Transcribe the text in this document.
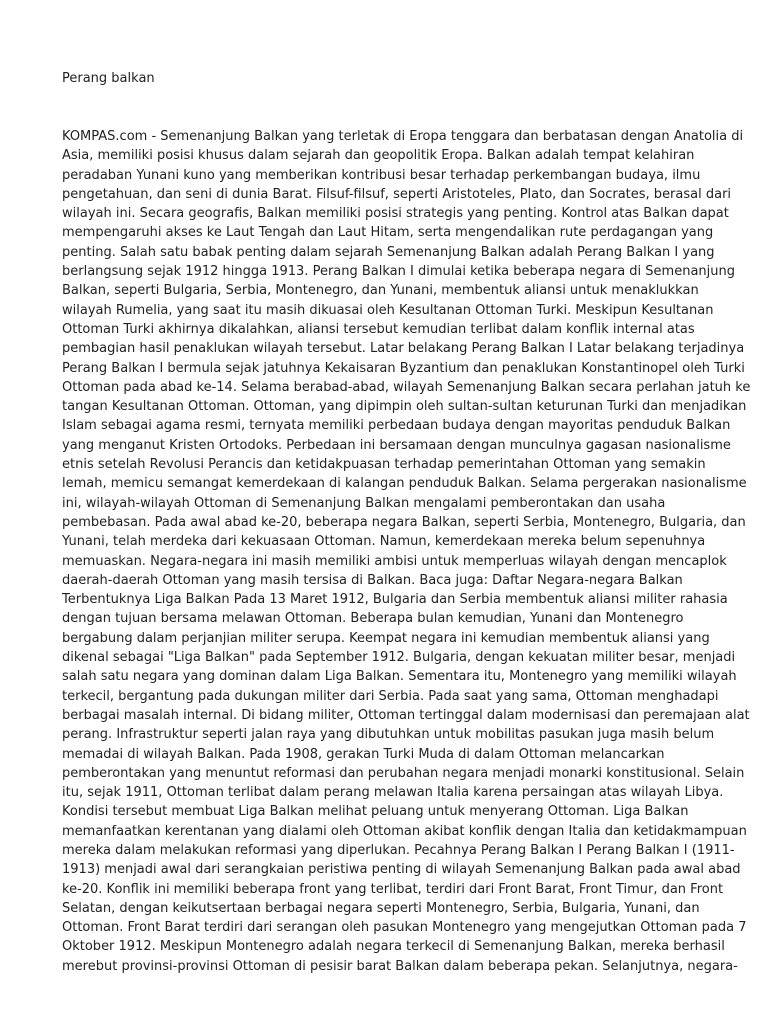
Perang balkan
KOMPAS.com - Semenanjung Balkan yang terletak di Eropa tenggara dan berbatasan dengan Anatolia di
Asia, memiliki posisi khusus dalam sejarah dan geopolitik Eropa. Balkan adalah tempat kelahiran
peradaban Yunani kuno yang memberikan kontribusi besar terhadap perkembangan budaya, ilmu
pengetahuan, dan seni di dunia Barat. Filsuf-filsuf, seperti Aristoteles, Plato, dan Socrates, berasal dari
wilayah ini. Secara geografis, Balkan memiliki posisi strategis yang penting. Kontrol atas Balkan dapat
mempengaruhi akses ke Laut Tengah dan Laut Hitam, serta mengendalikan rute perdagangan yang
penting. Salah satu babak penting dalam sejarah Semenanjung Balkan adalah Perang Balkan I yang
berlangsung sejak 1912 hingga 1913. Perang Balkan I dimulai ketika beberapa negara di Semenanjung
Balkan, seperti Bulgaria, Serbia, Montenegro, dan Yunani, membentuk aliansi untuk menaklukkan
wilayah Rumelia, yang saat itu masih dikuasai oleh Kesultanan Ottoman Turki. Meskipun Kesultanan
Ottoman Turki akhirnya dikalahkan, aliansi tersebut kemudian terlibat dalam konflik internal atas
pembagian hasil penaklukan wilayah tersebut. Latar belakang Perang Balkan I Latar belakang terjadinya
Perang Balkan I bermula sejak jatuhnya Kekaisaran Byzantium dan penaklukan Konstantinopel oleh Turki
Ottoman pada abad ke-14. Selama berabad-abad, wilayah Semenanjung Balkan secara perlahan jatuh ke
tangan Kesultanan Ottoman. Ottoman, yang dipimpin oleh sultan-sultan keturunan Turki dan menjadikan
Islam sebagai agama resmi, ternyata memiliki perbedaan budaya dengan mayoritas penduduk Balkan
yang menganut Kristen Ortodoks. Perbedaan ini bersamaan dengan munculnya gagasan nasionalisme
etnis setelah Revolusi Perancis dan ketidakpuasan terhadap pemerintahan Ottoman yang semakin
lemah, memicu semangat kemerdekaan di kalangan penduduk Balkan. Selama pergerakan nasionalisme
ini, wilayah-wilayah Ottoman di Semenanjung Balkan mengalami pemberontakan dan usaha
pembebasan. Pada awal abad ke-20, beberapa negara Balkan, seperti Serbia, Montenegro, Bulgaria, dan
Yunani, telah merdeka dari kekuasaan Ottoman. Namun, kemerdekaan mereka belum sepenuhnya
memuaskan. Negara-negara ini masih memiliki ambisi untuk memperluas wilayah dengan mencaplok
daerah-daerah Ottoman yang masih tersisa di Balkan. Baca juga: Daftar Negara-negara Balkan
Terbentuknya Liga Balkan Pada 13 Maret 1912, Bulgaria dan Serbia membentuk aliansi militer rahasia
dengan tujuan bersama melawan Ottoman. Beberapa bulan kemudian, Yunani dan Montenegro
bergabung dalam perjanjian militer serupa. Keempat negara ini kemudian membentuk aliansi yang
dikenal sebagai "Liga Balkan" pada September 1912. Bulgaria, dengan kekuatan militer besar, menjadi
salah satu negara yang dominan dalam Liga Balkan. Sementara itu, Montenegro yang memiliki wilayah
terkecil, bergantung pada dukungan militer dari Serbia. Pada saat yang sama, Ottoman menghadapi
berbagai masalah internal. Di bidang militer, Ottoman tertinggal dalam modernisasi dan peremajaan alat
perang. Infrastruktur seperti jalan raya yang dibutuhkan untuk mobilitas pasukan juga masih belum
memadai di wilayah Balkan. Pada 1908, gerakan Turki Muda di dalam Ottoman melancarkan
pemberontakan yang menuntut reformasi dan perubahan negara menjadi monarki konstitusional. Selain
itu, sejak 1911, Ottoman terlibat dalam perang melawan Italia karena persaingan atas wilayah Libya.
Kondisi tersebut membuat Liga Balkan melihat peluang untuk menyerang Ottoman. Liga Balkan
memanfaatkan kerentanan yang dialami oleh Ottoman akibat konflik dengan Italia dan ketidakmampuan
mereka dalam melakukan reformasi yang diperlukan. Pecahnya Perang Balkan I Perang Balkan I (1911-
1913) menjadi awal dari serangkaian peristiwa penting di wilayah Semenanjung Balkan pada awal abad
ke-20. Konflik ini memiliki beberapa front yang terlibat, terdiri dari Front Barat, Front Timur, dan Front
Selatan, dengan keikutsertaan berbagai negara seperti Montenegro, Serbia, Bulgaria, Yunani, dan
Ottoman. Front Barat terdiri dari serangan oleh pasukan Montenegro yang mengejutkan Ottoman pada 7
Oktober 1912. Meskipun Montenegro adalah negara terkecil di Semenanjung Balkan, mereka berhasil
merebut provinsi-provinsi Ottoman di pesisir barat Balkan dalam beberapa pekan. Selanjutnya, negara-
